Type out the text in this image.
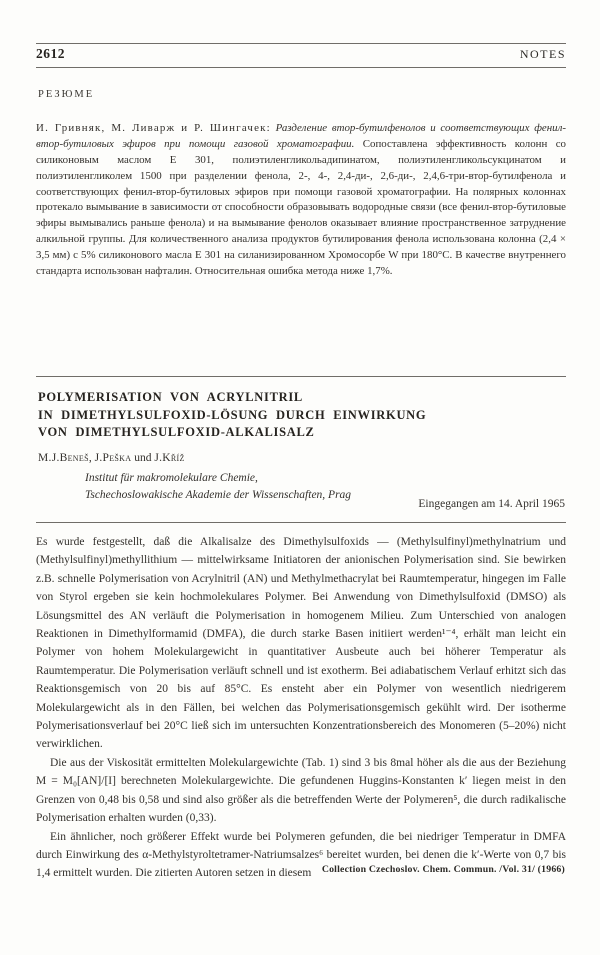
2612	NOTES
РЕЗЮМЕ

И. Гривняк, М. Ливарж и Р. Шингачек: Разделение втор-бутилфенолов и соответствующих фенил-втор-бутиловых эфиров при помощи газовой хроматографии. Сопоставлена эффективность колонн со силиконовым маслом Е 301, полиэтиленгликольадипинатом, полиэтиленгликольсукцинатом и полиэтиленгликолем 1500 при разделении фенола, 2-, 4-, 2,4-ди-, 2,6-ди-, 2,4,6-три-втор-бутилфенола и соответствующих фенил-втор-бутиловых эфиров при помощи газовой хроматографии. На полярных колоннах протекало вымывание в зависимости от способности образовывать водородные связи (все фенил-втор-бутиловые эфиры вымывались раньше фенола) и на вымывание фенолов оказывает влияние пространственное затруднение алкильной группы. Для количественного анализа продуктов бутилирования фенола использована колонна (2,4 × 3,5 мм) с 5% силиконового масла Е 301 на силанизированном Хромосорбе W при 180°С. В качестве внутреннего стандарта использован нафталин. Относительная ошибка метода ниже 1,7%.

POLYMERISATION VON ACRYLNITRIL
IN DIMETHYLSULFOXID-LÖSUNG DURCH EINWIRKUNG
VON DIMETHYLSULFOXID-ALKALISALZ
M.J.Beneš, J.Peška und J.Kříž
Institut für makromolekulare Chemie,
Tschechoslowakische Akademie der Wissenschaften, Prag
Eingegangen am 14. April 1965

Es wurde festgestellt, daß die Alkalisalze des Dimethylsulfoxids — (Methylsulfinyl)methylnatrium und (Methylsulfinyl)methyllithium — mittelwirksame Initiatoren der anionischen Polymerisation sind. Sie bewirken z.B. schnelle Polymerisation von Acrylnitril (AN) und Methylmethacrylat bei Raumtemperatur, hingegen im Falle von Styrol ergeben sie kein hochmolekulares Polymer. Bei Anwendung von Dimethylsulfoxid (DMSO) als Lösungsmittel des AN verläuft die Polymerisation in homogenem Milieu. Zum Unterschied von analogen Reaktionen in Dimethylformamid (DMFA), die durch starke Basen initiiert werden¹⁻⁴, erhält man leicht ein Polymer von hohem Molekulargewicht in quantitativer Ausbeute auch bei höherer Temperatur als Raumtemperatur. Die Polymerisation verläuft schnell und ist exotherm. Bei adiabatischem Verlauf erhitzt sich das Reaktionsgemisch von 20 bis auf 85°C. Es ensteht aber ein Polymer von wesentlich niedrigerem Molekulargewicht als in den Fällen, bei welchen das Polymerisationsgemisch gekühlt wird. Der isotherme Polymerisationsverlauf bei 20°C ließ sich im untersuchten Konzentrationsbereich des Monomeren (5–20%) nicht verwirklichen.

Die aus der Viskosität ermittelten Molekulargewichte (Tab. 1) sind 3 bis 8mal höher als die aus der Beziehung M = M₀[AN]/[I] berechneten Molekulargewichte. Die gefundenen Huggins-Konstanten k′ liegen meist in den Grenzen von 0,48 bis 0,58 und sind also größer als die betreffenden Werte der Polymeren⁵, die durch radikalische Polymerisation erhalten wurden (0,33).

Ein ähnlicher, noch größerer Effekt wurde bei Polymeren gefunden, die bei niedriger Temperatur in DMFA durch Einwirkung des α-Methylstyroltetramer-Natriumsalzes⁶ bereitet wurden, bei denen die k′-Werte von 0,7 bis 1,4 ermittelt wurden. Die zitierten Autoren setzen in diesem	Collection Czechoslov. Chem. Commun. /Vol. 31/ (1966)
